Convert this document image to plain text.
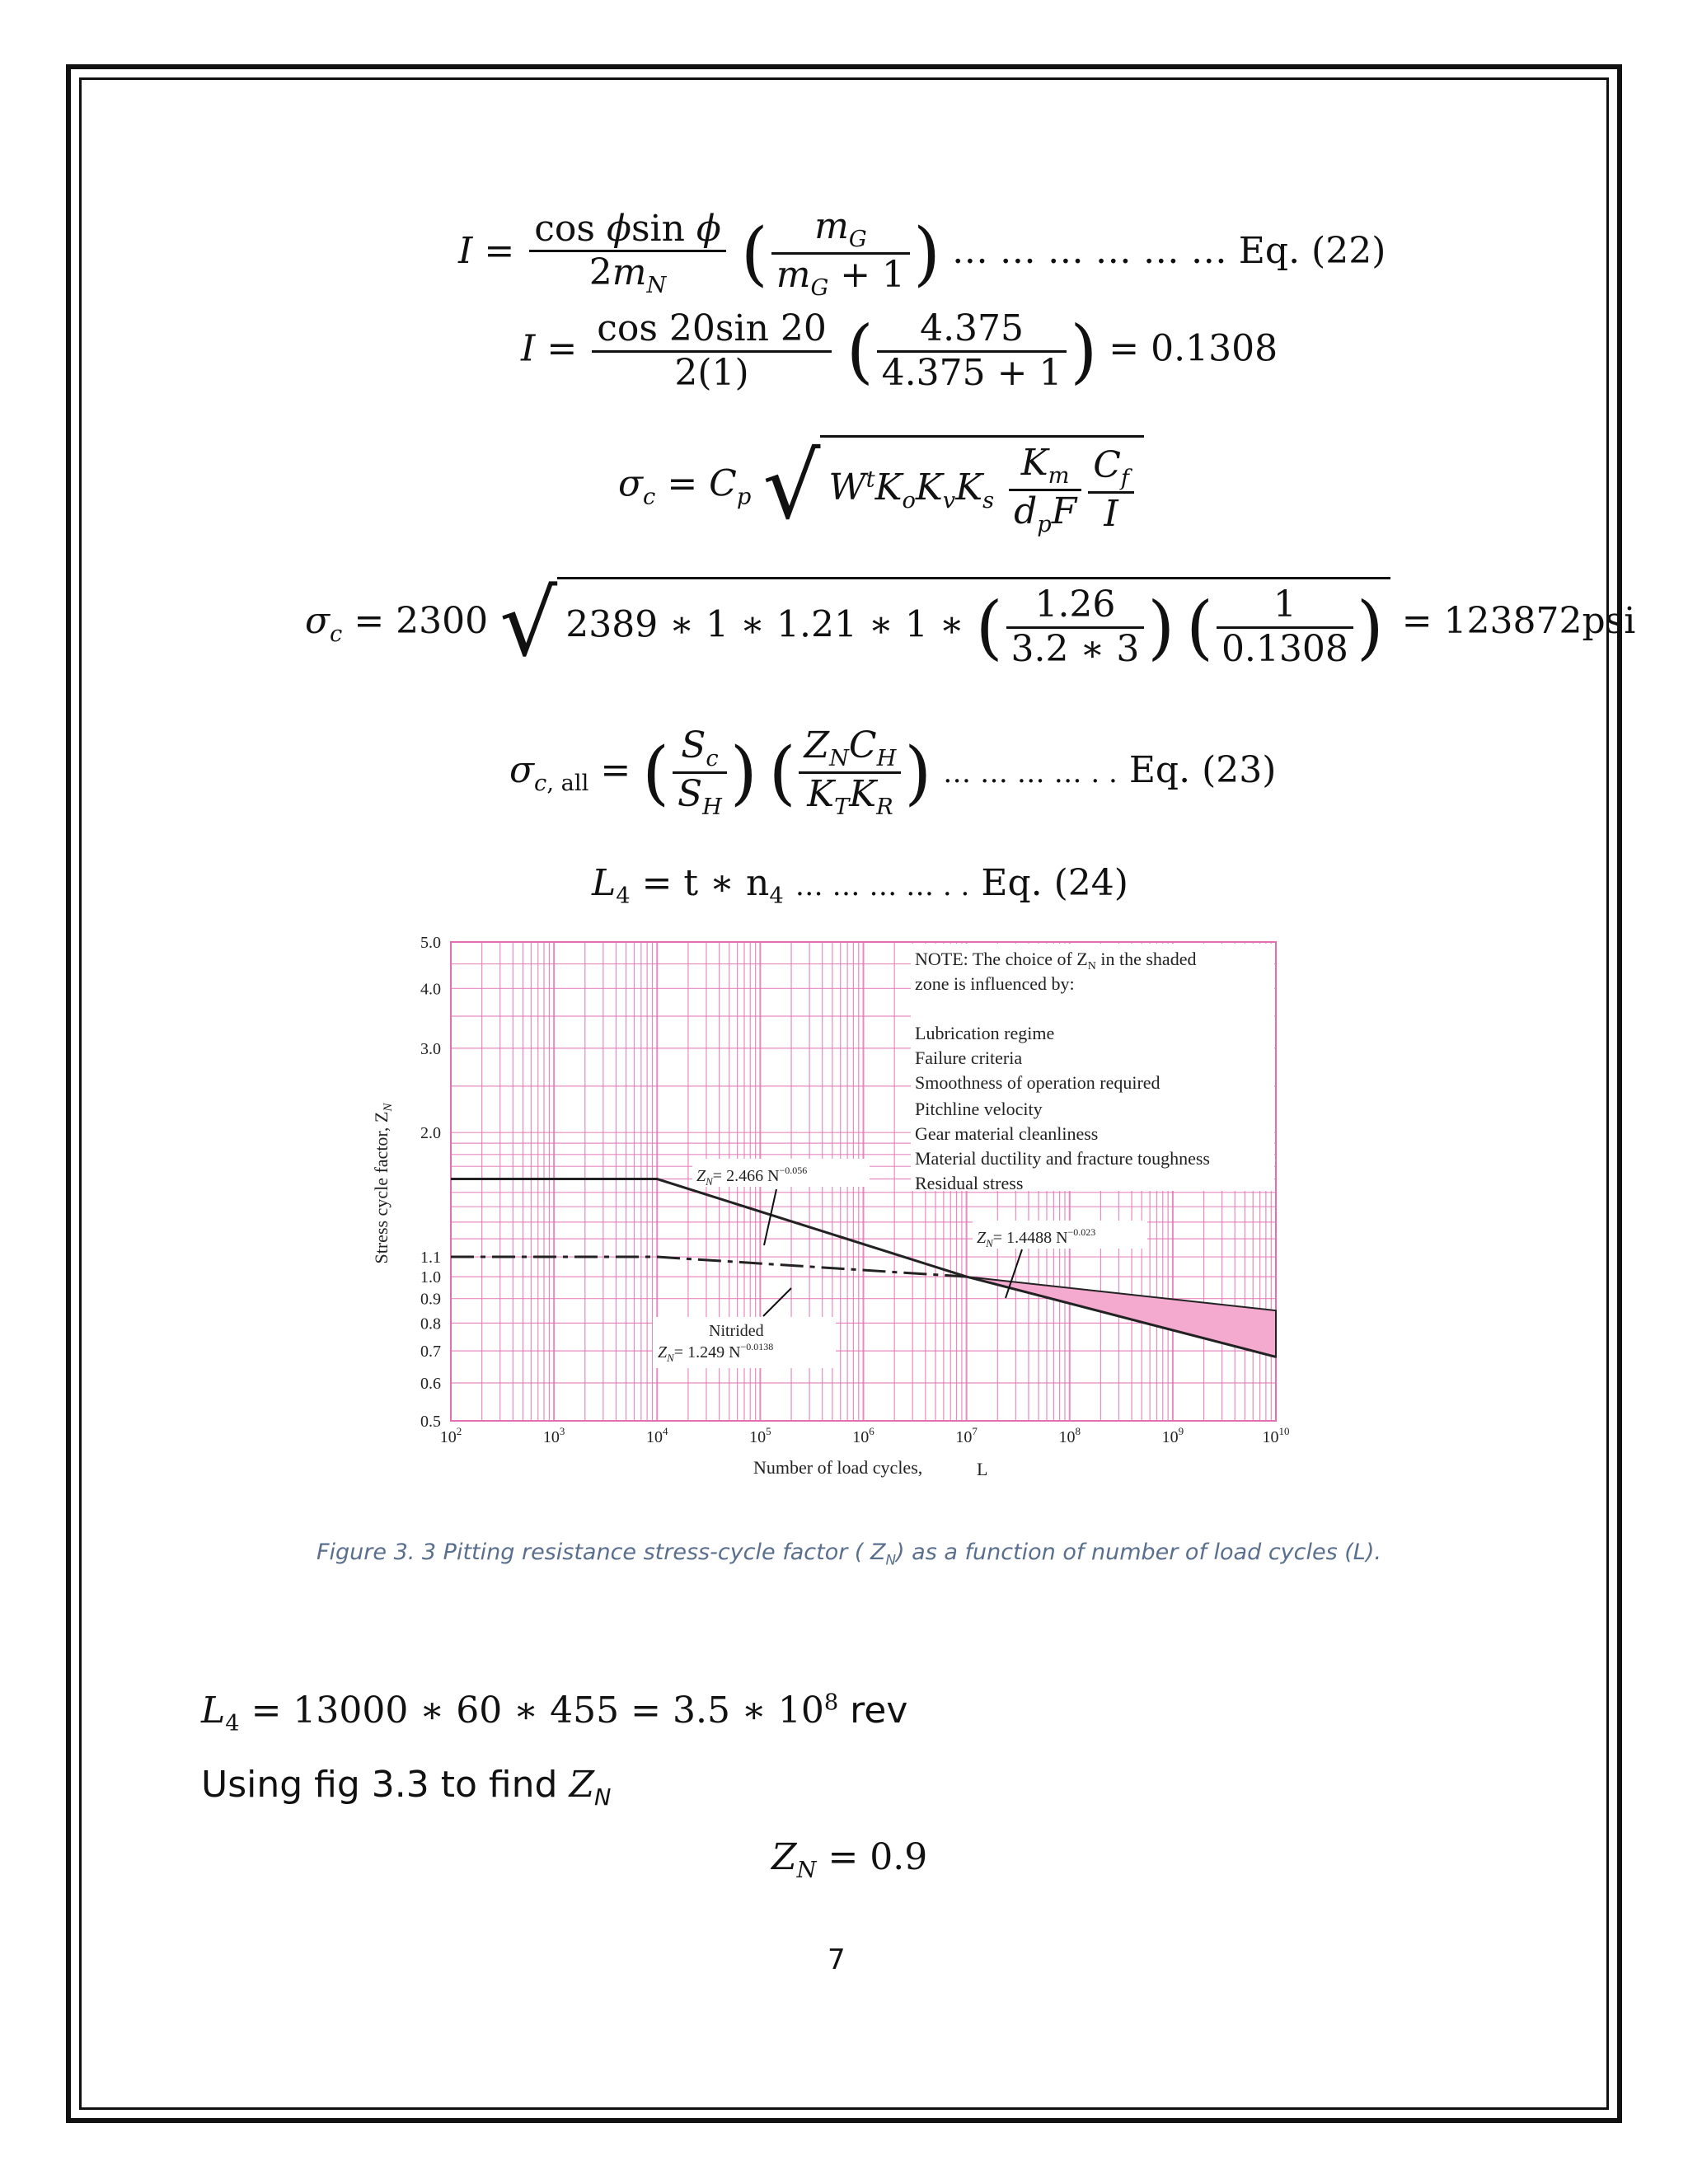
$I = \frac{\text{cos ϕsin ϕ}}{2m_N}$ ( $\frac{m_G}{m_G + 1}$ ) … … … … … … Eq. (22)
$I = \frac{\cos 20\sin 20}{2(1)}$ ( $\frac{4.375}{4.375 + 1}$ ) = 0.1308
$\sigma_c = C_p$ √ $W^tK_oK_vK_s \frac{K_m}{d_pF} \frac{C_f}{I}$
$\sigma_c = 2300$ √ 2389 ∗ 1 ∗ 1.21 ∗ 1 ∗ ( $\frac{1.26}{3.2 ∗ 3}$ ) ( $\frac{1}{0.1308}$ ) = 123872psi
$\sigma_{c, all}$ = ( $\frac{S_c}{S_H}$ ) ( $\frac{Z_NC_H}{K_TK_R}$ ) … … … … . . Eq. (23)
$L_4 = t$ ∗ $n_4$ … … … … . . Eq. (24)
5.0
4.0
3.0
2.0
1.1
1.0
0.9
0.8
0.7
0.6
0.5
$10^2$	$10^3$	$10^4$	$10^5$	$10^6$	$10^7$	$10^8$	$10^9$	$10^{10}$
Number of load cycles,	L
Stress cycle factor, $Z_N$
NOTE: The choice of $Z_N$ in the shaded
zone is influenced by:
Lubrication regime
Failure criteria
Smoothness of operation required
Pitchline velocity
Gear material cleanliness
Material ductility and fracture toughness
Residual stress
$Z_N= 2.466$ $N^{-0.056}$
$Z_N= 1.4488$ $N^{-0.023}$
Nitrided
$Z_N= 1.249$ $N^{-0.0138}$
Figure 3. 3 Pitting resistance stress-cycle factor ( $Z_N$) as a function of number of load cycles (L).
$L_4 = 13000$ ∗ 60 ∗ 455 = 3.5 ∗ $10^8$ rev
Using fig 3.3 to find $Z_N$
$Z_N = 0.9$
7
